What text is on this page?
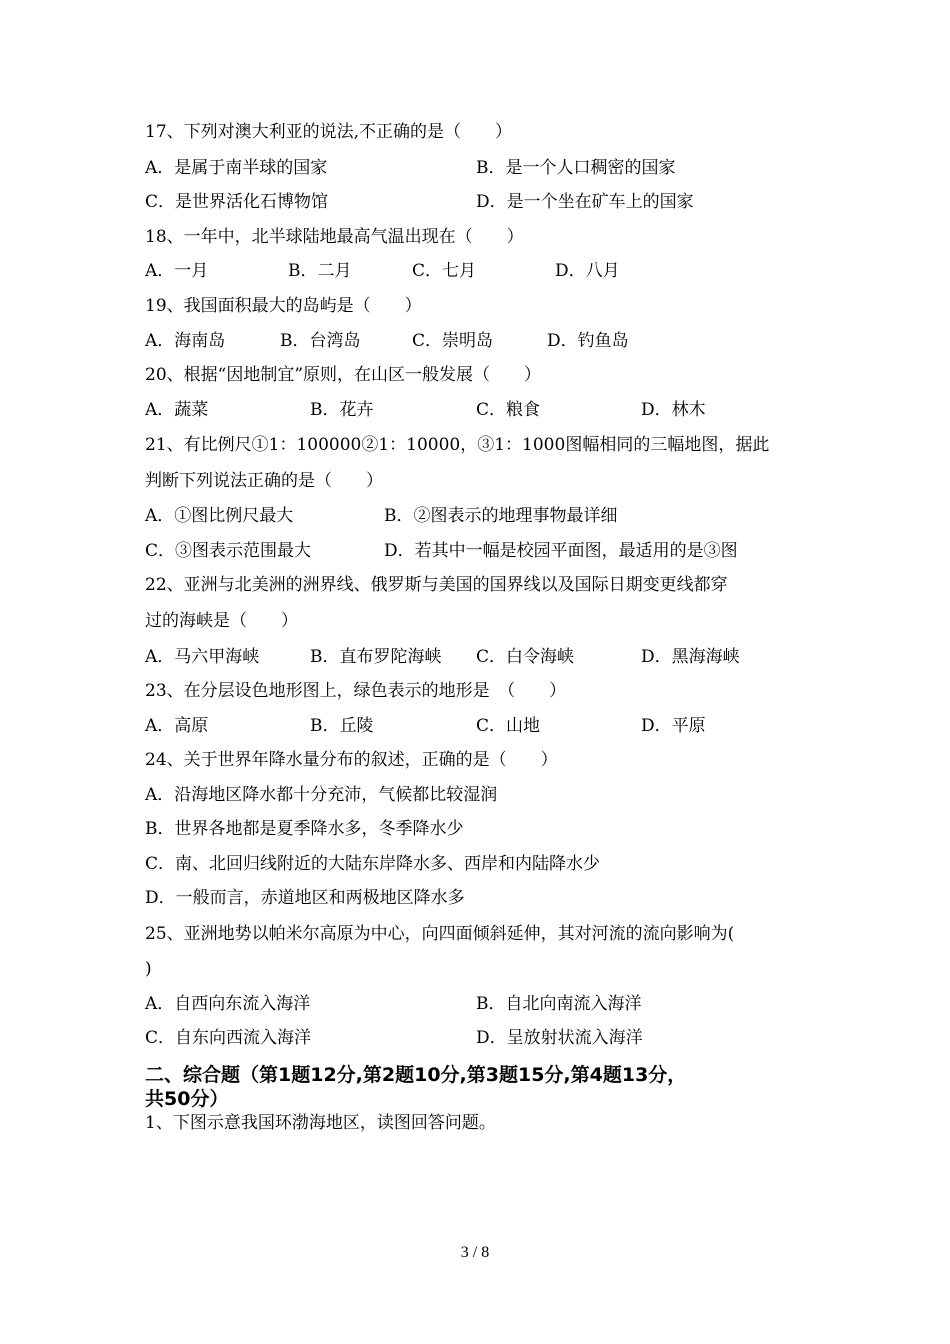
17、下列对澳大利亚的说法,不正确的是（　　）
A．是属于南半球的国家	B．是一个人口稠密的国家
C．是世界活化石博物馆	D．是一个坐在矿车上的国家
18、一年中，北半球陆地最高气温出现在（　　）
A．一月	B．二月	C．七月	D．八月
19、我国面积最大的岛屿是（　　）
A．海南岛	B．台湾岛	C．崇明岛	D．钓鱼岛
20、根据“因地制宜”原则，在山区一般发展（　　）
A．蔬菜	B．花卉	C．粮食	D．林木
21、有比例尺①1：100000②1：10000，③1：1000图幅相同的三幅地图，据此
判断下列说法正确的是（　　）
A．①图比例尺最大	B．②图表示的地理事物最详细
C．③图表示范围最大	D．若其中一幅是校园平面图，最适用的是③图
22、亚洲与北美洲的洲界线、俄罗斯与美国的国界线以及国际日期变更线都穿
过的海峡是（　　）
A．马六甲海峡	B．直布罗陀海峡 C．白令海峡	D．黑海海峡
23、在分层设色地形图上，绿色表示的地形是　（　　）
A．高原	B．丘陵	C．山地	D．平原
24、关于世界年降水量分布的叙述，正确的是（　　）
A．沿海地区降水都十分充沛，气候都比较湿润
B．世界各地都是夏季降水多，冬季降水少
C．南、北回归线附近的大陆东岸降水多、西岸和内陆降水少
D．一般而言，赤道地区和两极地区降水多
25、亚洲地势以帕米尔高原为中心，向四面倾斜延伸，其对河流的流向影响为(
)
A．自西向东流入海洋	B．自北向南流入海洋
C．自东向西流入海洋	D．呈放射状流入海洋
二、综合题（第1题12分,第2题10分,第3题15分,第4题13分，
共50分）
1、下图示意我国环渤海地区，读图回答问题。
3 / 8
